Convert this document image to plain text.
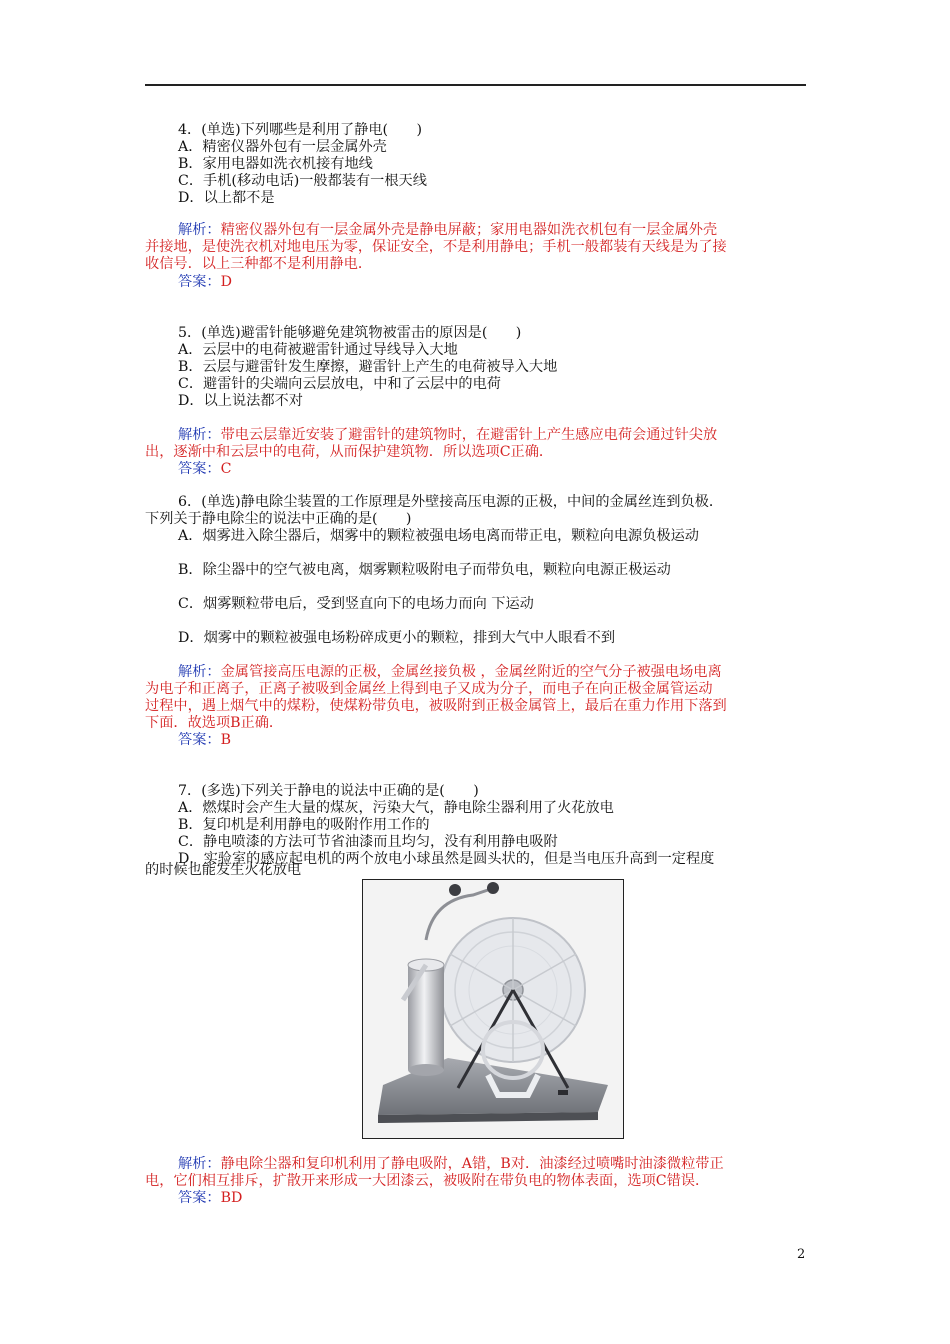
4．(单选)下列哪些是利用了静电(　　)
A．精密仪器外包有一层金属外壳
B．家用电器如洗衣机接有地线
C．手机(移动电话)一般都装有一根天线
D．以上都不是
解析：精密仪器外包有一层金属外壳是静电屏蔽；家用电器如洗衣机包有一层金属外壳
并接地，是使洗衣机对地电压为零，保证安全，不是利用静电；手机一般都装有天线是为了接
收信号．以上三种都不是利用静电．
答案：D
5．(单选)避雷针能够避免建筑物被雷击的原因是(　　)
A．云层中的电荷被避雷针通过导线导入大地
B．云层与避雷针发生摩擦，避雷针上产生的电荷被导入大地
C．避雷针的尖端向云层放电，中和了云层中的电荷
D．以上说法都不对
解析：带电云层靠近安装了避雷针的建筑物时，在避雷针上产生感应电荷会通过针尖放
出，逐渐中和云层中的电荷，从而保护建筑物．所以选项C正确．
答案：C
6．(单选)静电除尘装置的工作原理是外壁接高压电源的正极，中间的金属丝连到负极．
下列关于静电除尘的说法中正确的是(　　)
A．烟雾进入除尘器后，烟雾中的颗粒被强电场电离而带正电，颗粒向电源负极运动
B．除尘器中的空气被电离，烟雾颗粒吸附电子而带负电，颗粒向电源正极运动
C．烟雾颗粒带电后，受到竖直向下的电场力而向 下运动
D．烟雾中的颗粒被强电场粉碎成更小的颗粒，排到大气中人眼看不到
解析：金属管接高压电源的正极，金属丝接负极 ，金属丝附近的空气分子被强电场电离
为电子和正离子，正离子被吸到金属丝上得到电子又成为分子，而电子在向正极金属管运动
过程中，遇上烟气中的煤粉，使煤粉带负电，被吸附到正极金属管上，最后在重力作用下落到
下面．故选项B正确．
答案：B
7．(多选)下列关于静电的说法中正确的是(　　)
A．燃煤时会产生大量的煤灰，污染大气，静电除尘器利用了火花放电
B．复印机是利用静电的吸附作用工作的
C．静电喷漆的方法可节省油漆而且均匀，没有利用静电吸附
D．实验室的感应起电机的两个放电小球虽然是圆头状的，但是当电压升高到一定程度
的时候也能发生火花放电
解析：静电除尘器和复印机利用了静电吸附，A错，B对．油漆经过喷嘴时油漆微粒带正
电，它们相互排斥，扩散开来形成一大团漆云，被吸附在带负电的物体表面，选项C错误．
答案：BD
2
